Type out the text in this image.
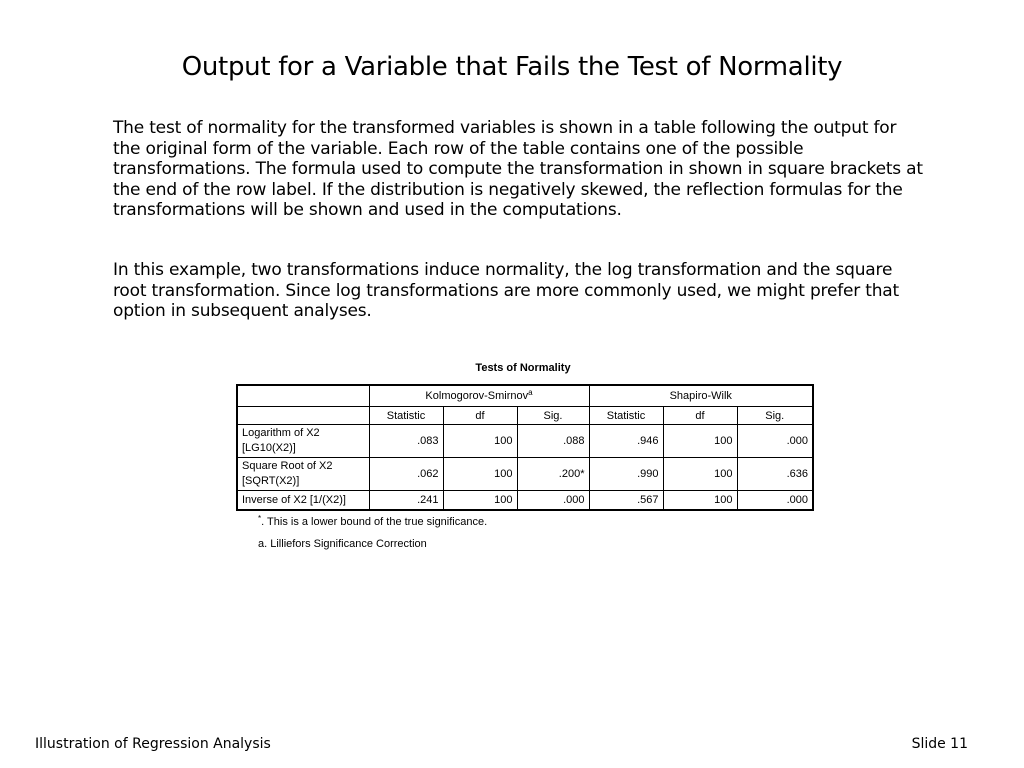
Output for a Variable that Fails the Test of Normality
The test of normality for the transformed variables is shown in a table following the output for the original form of the variable. Each row of the table contains one of the possible transformations. The formula used to compute the transformation in shown in square brackets at the end of the row label. If the distribution is negatively skewed, the reflection formulas for the transformations will be shown and used in the computations.
In this example, two transformations induce normality, the log transformation and the square root transformation. Since log transformations are more commonly used, we might prefer that option in subsequent analyses.
Tests of Normality
	Kolmogorov-Smirnov$^a$			Shapiro-Wilk		
	Statistic	df	Sig.	Statistic	df	Sig.
Logarithm of X2
[LG10(X2)]	.083	100	.088	.946	100	.000
Square Root of X2
[SQRT(X2)]	.062	100	.200*	.990	100	.636
Inverse of X2 [1/(X2)]	.241	100	.000	.567	100	.000
*. This is a lower bound of the true significance.
a. Lilliefors Significance Correction
Illustration of Regression Analysis	Slide 11
